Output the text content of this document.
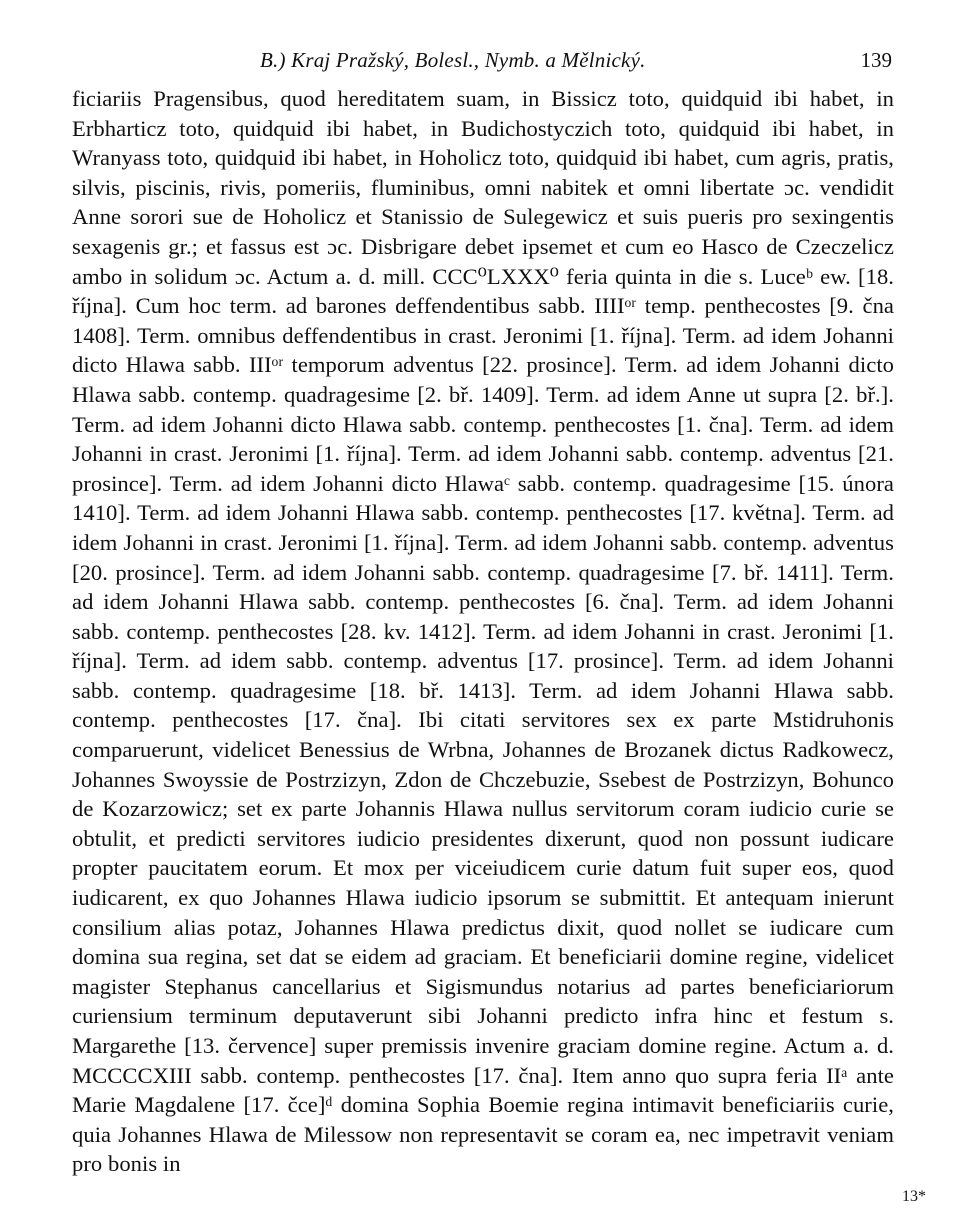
B.) Kraj Pražský, Bolesl., Nymb. a Mělnický.	139

ficiariis Pragensibus, quod hereditatem suam, in Bissicz toto, quidquid ibi habet, in Erbharticz toto, quidquid ibi habet, in Budichostyczich toto, quidquid ibi habet, in Wranyass toto, quidquid ibi habet, in Hoholicz toto, quidquid ibi habet, cum agris, pratis, silvis, piscinis, rivis, pomeriis, fluminibus, omni nabitek et omni libertate ɔc. vendidit Anne sorori sue de Hoholicz et Stanissio de Sulegewicz et suis pueris pro sexingentis sexagenis gr.; et fassus est ɔc. Disbrigare debet ipsemet et cum eo Hasco de Czeczelicz ambo in solidum ɔc. Actum a. d. mill. CCC⁰LXXX⁰ feria quinta in die s. Luceᵇ ew. [18. října]. Cum hoc term. ad barones deffendentibus sabb. IIIIᵒʳ temp. penthecostes [9. čna 1408]. Term. omnibus deffendentibus in crast. Jeronimi [1. října]. Term. ad idem Johanni dicto Hlawa sabb. IIIᵒʳ temporum adventus [22. prosince]. Term. ad idem Johanni dicto Hlawa sabb. contemp. quadragesime [2. bř. 1409]. Term. ad idem Anne ut supra [2. bř.]. Term. ad idem Johanni dicto Hlawa sabb. contemp. penthecostes [1. čna]. Term. ad idem Johanni in crast. Jeronimi [1. října]. Term. ad idem Johanni sabb. contemp. adventus [21. prosince]. Term. ad idem Johanni dicto Hlawaᶜ sabb. contemp. quadragesime [15. února 1410]. Term. ad idem Johanni Hlawa sabb. contemp. penthecostes [17. května]. Term. ad idem Johanni in crast. Jeronimi [1. října]. Term. ad idem Johanni sabb. contemp. adventus [20. prosince]. Term. ad idem Johanni sabb. contemp. quadragesime [7. bř. 1411]. Term. ad idem Johanni Hlawa sabb. contemp. penthecostes [6. čna]. Term. ad idem Johanni sabb. contemp. penthecostes [28. kv. 1412]. Term. ad idem Johanni in crast. Jeronimi [1. října]. Term. ad idem sabb. contemp. adventus [17. prosince]. Term. ad idem Johanni sabb. contemp. quadragesime [18. bř. 1413]. Term. ad idem Johanni Hlawa sabb. contemp. penthecostes [17. čna]. Ibi citati servitores sex ex parte Mstidruhonis comparuerunt, videlicet Benessius de Wrbna, Johannes de Brozanek dictus Radkowecz, Johannes Swoyssie de Postrzizyn, Zdon de Chczebuzie, Ssebest de Postrzizyn, Bohunco de Kozarzowicz; set ex parte Johannis Hlawa nullus servitorum coram iudicio curie se obtulit, et predicti servitores iudicio presidentes dixerunt, quod non possunt iudicare propter paucitatem eorum. Et mox per viceiudicem curie datum fuit super eos, quod iudicarent, ex quo Johannes Hlawa iudicio ipsorum se submittit. Et antequam inierunt consilium alias potaz, Johannes Hlawa predictus dixit, quod nollet se iudicare cum domina sua regina, set dat se eidem ad graciam. Et beneficiarii domine regine, videlicet magister Stephanus cancellarius et Sigismundus notarius ad partes beneficiariorum curiensium terminum deputaverunt sibi Johanni predicto infra hinc et festum s. Margarethe [13. července] super premissis invenire graciam domine regine. Actum a. d. MCCCCXIII sabb. contemp. penthecostes [17. čna]. Item anno quo supra feria IIᵃ ante Marie Magdalene [17. čce]ᵈ domina Sophia Boemie regina intimavit beneficiariis curie, quia Johannes Hlawa de Milessow non representavit se coram ea, nec impetravit veniam pro bonis in

13*
